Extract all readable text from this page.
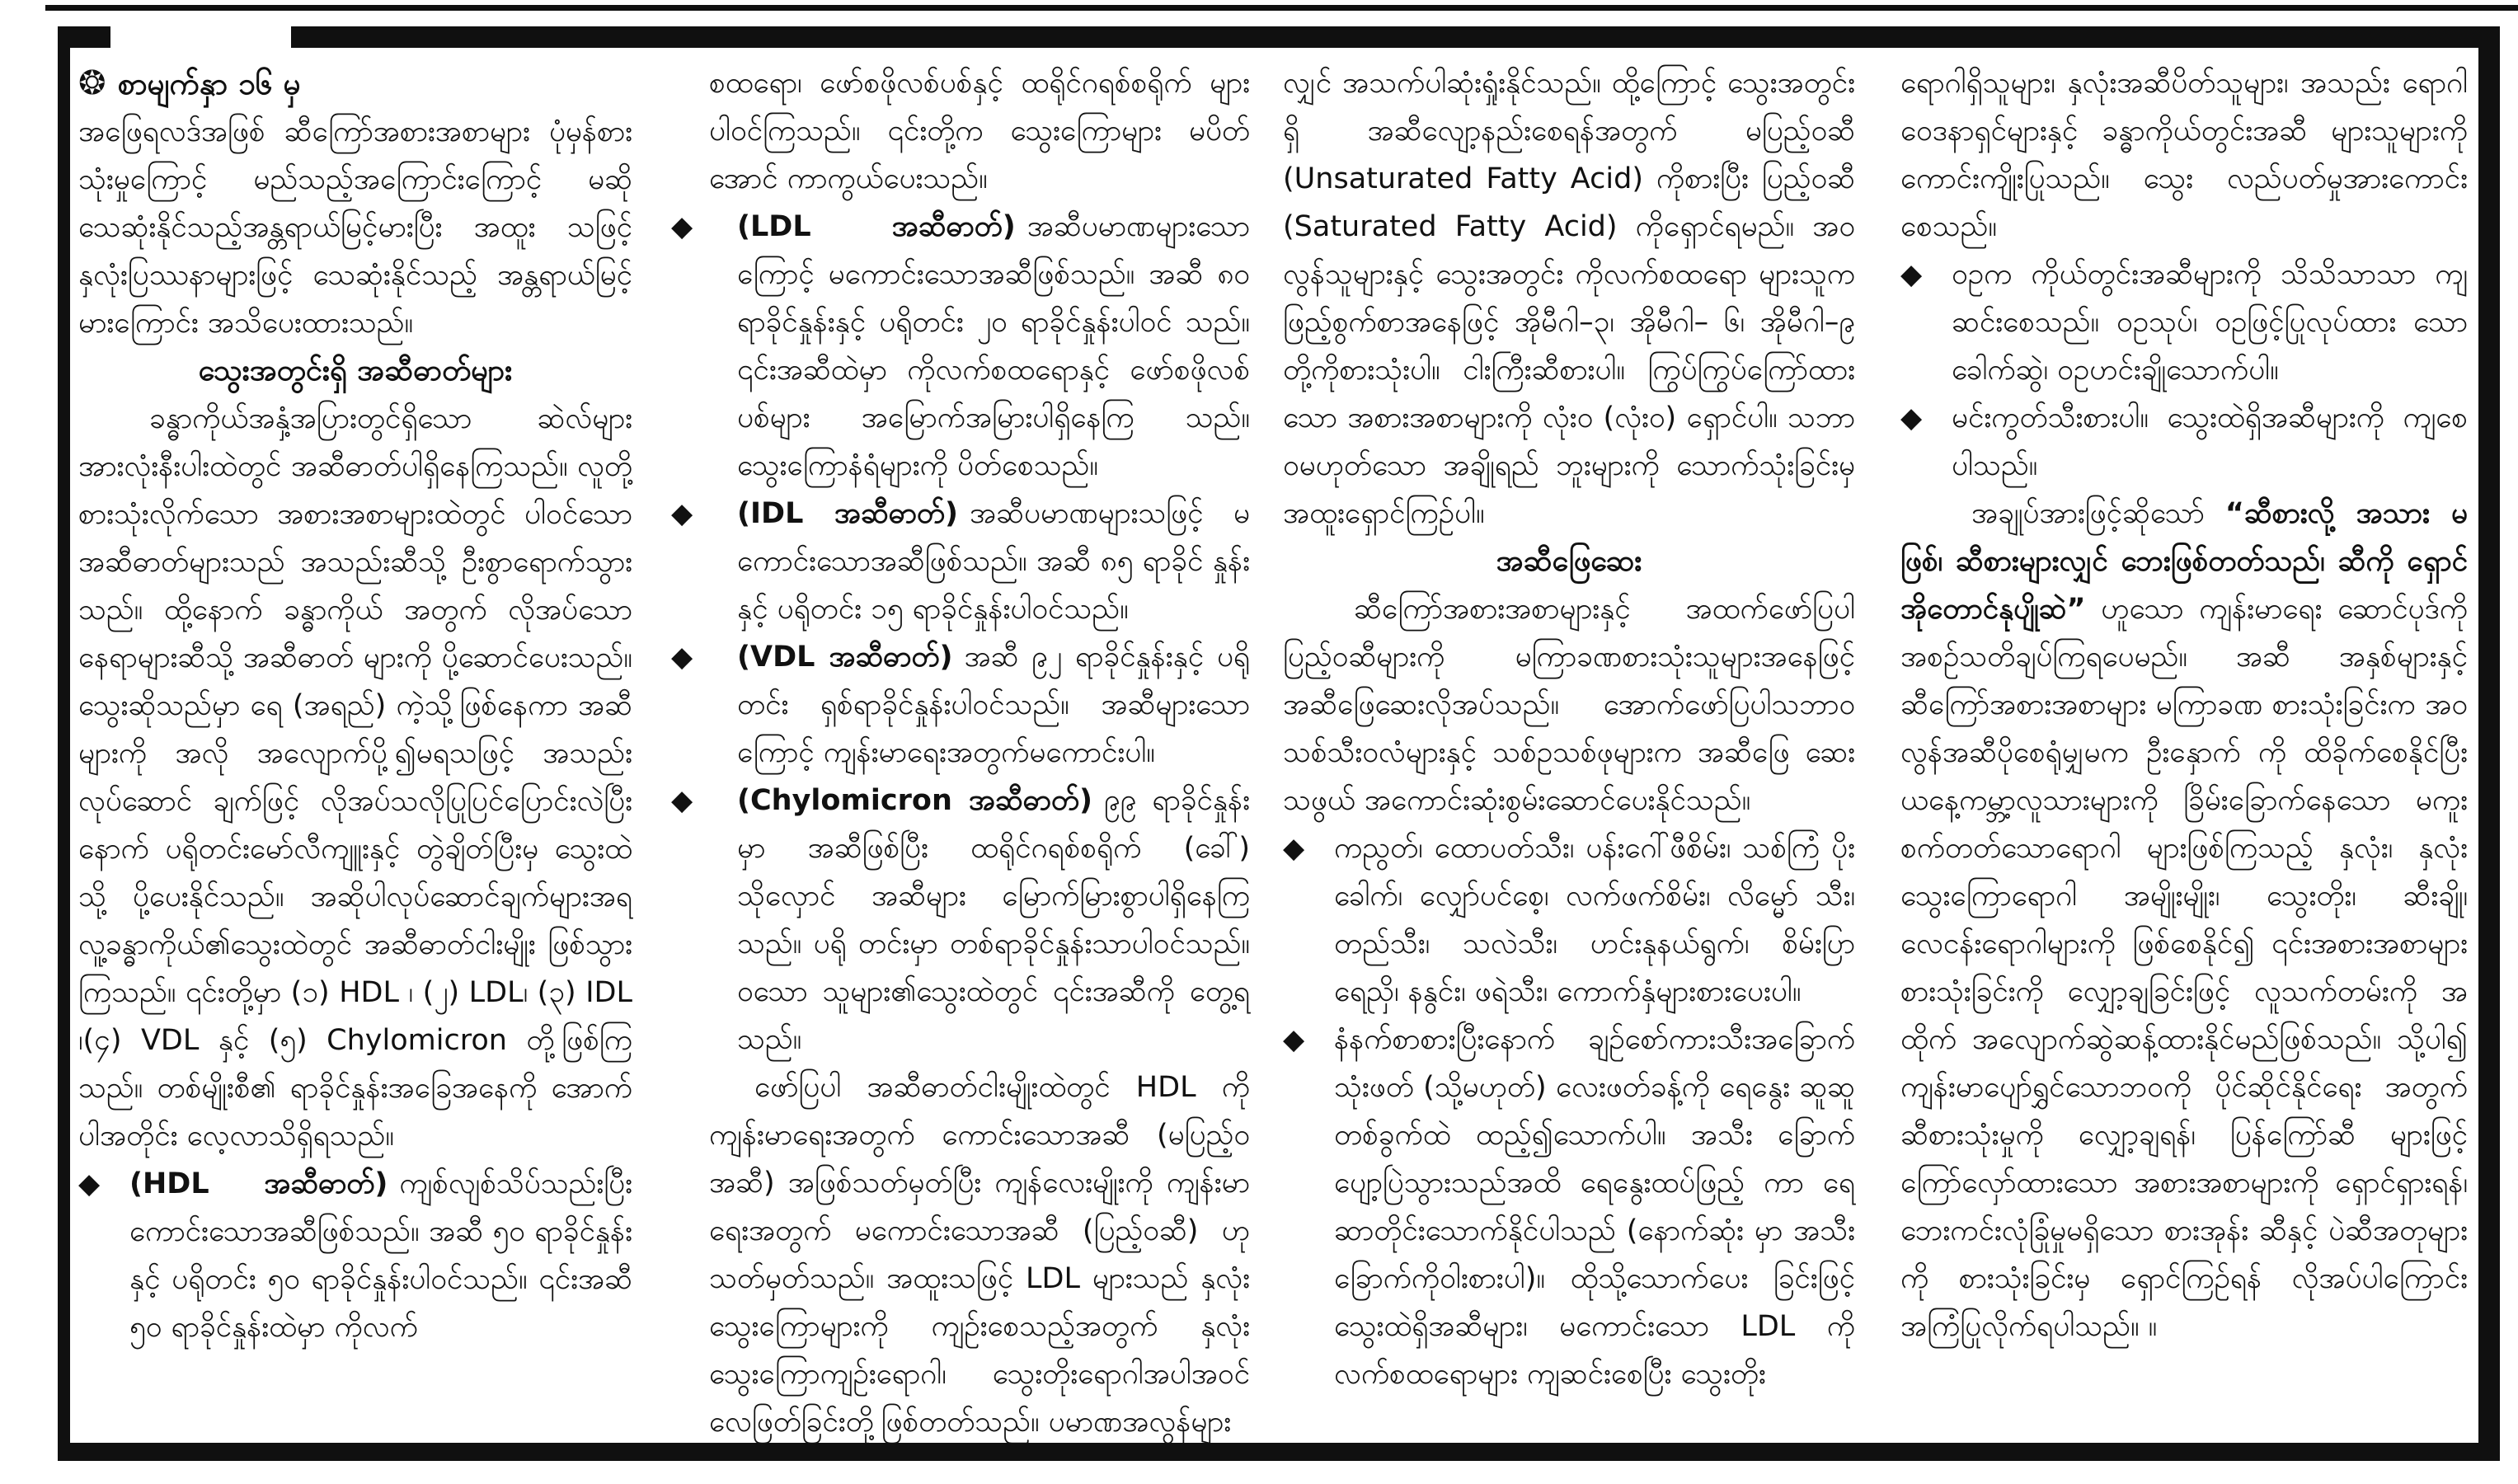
❂ စာမျက်နှာ ၁၆ မှ

အဖြေရလဒ်အဖြစ် ဆီကြော်အစားအစာများ ပုံမှန်စားသုံးမှုကြောင့် မည်သည့်အကြောင်းကြောင့် မဆို သေဆုံးနိုင်သည့်အန္တရာယ်မြင့်မားပြီး အထူး သဖြင့် နှလုံးပြဿနာများဖြင့် သေဆုံးနိုင်သည့် အန္တရာယ်မြင့်မားကြောင်း အသိပေးထားသည်။

သွေးအတွင်းရှိ အဆီဓာတ်များ

ခန္ဓာကိုယ်အနှံ့အပြားတွင်ရှိသော ဆဲလ်များ အားလုံးနီးပါးထဲတွင် အဆီဓာတ်ပါရှိနေကြသည်။ လူတို့စားသုံးလိုက်သော အစားအစာများထဲတွင် ပါဝင်သောအဆီဓာတ်များသည် အသည်းဆီသို့ ဦးစွာရောက်သွားသည်။ ထို့နောက် ခန္ဓာကိုယ် အတွက် လိုအပ်သောနေရာများဆီသို့ အဆီဓာတ် များကို ပို့ဆောင်ပေးသည်။ သွေးဆိုသည်မှာ ရေ (အရည်) ကဲ့သို့ဖြစ်နေကာ အဆီများကို အလို အလျောက်ပို့၍မရသဖြင့် အသည်းလုပ်ဆောင် ချက်ဖြင့် လိုအပ်သလိုပြုပြင်ပြောင်းလဲပြီးနောက် ပရိုတင်းမော်လီကျူးနှင့် တွဲချိတ်ပြီးမှ သွေးထဲသို့ ပို့ပေးနိုင်သည်။ အဆိုပါလုပ်ဆောင်ချက်များအရ လူ့ခန္ဓာကိုယ်၏သွေးထဲတွင် အဆီဓာတ်ငါးမျိုး ဖြစ်သွားကြသည်။ ၎င်းတို့မှာ (၁) HDL ၊ (၂) LDL၊ (၃) IDL ၊(၄) VDL နှင့် (၅) Chylomicron တို့ဖြစ်ကြ သည်။ တစ်မျိုးစီ၏ ရာခိုင်နှုန်းအခြေအနေကို အောက်ပါအတိုင်း လေ့လာသိရှိရသည်။

◆ (HDL အဆီဓာတ်) ကျစ်လျစ်သိပ်သည်းပြီး ကောင်းသောအဆီဖြစ်သည်။ အဆီ ၅၀ ရာခိုင်နှုန်းနှင့် ပရိုတင်း ၅၀ ရာခိုင်နှုန်းပါဝင်သည်။ ၎င်းအဆီ ၅၀ ရာခိုင်နှုန်းထဲမှာ ကိုလက်

စထရော၊ ဖော်စဖိုလစ်ပစ်နှင့် ထရိုင်ဂရစ်စရိုက် များပါဝင်ကြသည်။ ၎င်းတို့က သွေးကြောများ မပိတ်အောင် ကာကွယ်ပေးသည်။

◆ (LDL အဆီဓာတ်) အဆီပမာဏများသော ကြောင့် မကောင်းသောအဆီဖြစ်သည်။ အဆီ ၈၀ ရာခိုင်နှုန်းနှင့် ပရိုတင်း ၂၀ ရာခိုင်နှုန်းပါဝင် သည်။ ၎င်းအဆီထဲမှာ ကိုလက်စထရောနှင့် ဖော်စဖိုလစ်ပစ်များ အမြောက်အမြားပါရှိနေကြ သည်။ သွေးကြောနံရံများကို ပိတ်စေသည်။

◆ (IDL အဆီဓာတ်) အဆီပမာဏများသဖြင့် မကောင်းသောအဆီဖြစ်သည်။ အဆီ ၈၅ ရာခိုင် နှုန်းနှင့် ပရိုတင်း ၁၅ ရာခိုင်နှုန်းပါဝင်သည်။

◆ (VDL အဆီဓာတ်) အဆီ ၉၂ ရာခိုင်နှုန်းနှင့် ပရို တင်း ရှစ်ရာခိုင်နှုန်းပါဝင်သည်။ အဆီများသော ကြောင့် ကျန်းမာရေးအတွက်မကောင်းပါ။

◆ (Chylomicron အဆီဓာတ်) ၉၉ ရာခိုင်နှုန်းမှာ အဆီဖြစ်ပြီး ထရိုင်ဂရစ်စရိုက် (ခေါ်) သိုလှောင် အဆီများ မြောက်မြားစွာပါရှိနေကြသည်။ ပရို တင်းမှာ တစ်ရာခိုင်နှုန်းသာပါဝင်သည်။ ဝသော သူများ၏သွေးထဲတွင် ၎င်းအဆီကို တွေ့ရသည်။

ဖော်ပြပါ အဆီဓာတ်ငါးမျိုးထဲတွင် HDL ကို ကျန်းမာရေးအတွက် ကောင်းသောအဆီ (မပြည့်ဝ အဆီ) အဖြစ်သတ်မှတ်ပြီး ကျန်လေးမျိုးကို ကျန်းမာ ရေးအတွက် မကောင်းသောအဆီ (ပြည့်ဝဆီ) ဟု သတ်မှတ်သည်။ အထူးသဖြင့် LDL များသည် နှလုံး သွေးကြောများကို ကျဉ်းစေသည့်အတွက် နှလုံး သွေးကြောကျဉ်းရောဂါ၊ သွေးတိုးရောဂါအပါအဝင် လေဖြတ်ခြင်းတို့ဖြစ်တတ်သည်။ ပမာဏအလွန်များ

လျှင် အသက်ပါဆုံးရှုံးနိုင်သည်။ ထို့ကြောင့် သွေးအတွင်းရှိ အဆီလျော့နည်းစေရန်အတွက် မပြည့်ဝဆီ (Unsaturated Fatty Acid) ကိုစားပြီး ပြည့်ဝဆီ (Saturated Fatty Acid) ကိုရှောင်ရမည်။ အဝလွန်သူများနှင့် သွေးအတွင်း ကိုလက်စထရော များသူက ဖြည့်စွက်စာအနေဖြင့် အိုမီဂါ–၃၊ အိုမီဂါ– ၆၊ အိုမီဂါ–၉ တို့ကိုစားသုံးပါ။ ငါးကြီးဆီစားပါ။ ကြွပ်ကြွပ်ကြော်ထားသော အစားအစာများကို လုံးဝ (လုံးဝ) ရှောင်ပါ။ သဘာဝမဟုတ်သော အချိုရည် ဘူးများကို သောက်သုံးခြင်းမှ အထူးရှောင်ကြဉ်ပါ။

အဆီဖြေဆေး

ဆီကြော်အစားအစာများနှင့် အထက်ဖော်ပြပါ ပြည့်ဝဆီများကို မကြာခဏစားသုံးသူများအနေဖြင့် အဆီဖြေဆေးလိုအပ်သည်။ အောက်ဖော်ပြပါသဘာဝ သစ်သီးဝလံများနှင့် သစ်ဥသစ်ဖုများက အဆီဖြေ ဆေးသဖွယ် အကောင်းဆုံးစွမ်းဆောင်ပေးနိုင်သည်။

◆ ကညွတ်၊ ထောပတ်သီး၊ ပန်းဂေါ်ဖီစိမ်း၊ သစ်ကြံ ပိုးခေါက်၊ လျှော်ပင်စေ့၊ လက်ဖက်စိမ်း၊ လိမ္မော် သီး၊ တည်သီး၊ သလဲသီး၊ ဟင်းနုနယ်ရွက်၊ စိမ်းပြာ ရေညှိ၊ နနွင်း၊ ဖရဲသီး၊ ကောက်နှံများစားပေးပါ။

◆ နံနက်စာစားပြီးနောက် ချဉ်စော်ကားသီးအခြောက် သုံးဖတ် (သို့မဟုတ်) လေးဖတ်ခန့်ကို ရေနွေး ဆူဆူတစ်ခွက်ထဲ ထည့်၍သောက်ပါ။ အသီး ခြောက် ပျော့ပြဲသွားသည်အထိ ရေနွေးထပ်ဖြည့် ကာ ရေဆာတိုင်းသောက်နိုင်ပါသည် (နောက်ဆုံး မှာ အသီးခြောက်ကိုဝါးစားပါ)။ ထိုသို့သောက်ပေး ခြင်းဖြင့် သွေးထဲရှိအဆီများ၊ မကောင်းသော LDL ကိုလက်စထရောများ ကျဆင်းစေပြီး သွေးတိုး

ရောဂါရှိသူများ၊ နှလုံးအဆီပိတ်သူများ၊ အသည်း ရောဂါဝေဒနာရှင်များနှင့် ခန္ဓာကိုယ်တွင်းအဆီ များသူများကို ကောင်းကျိုးပြုသည်။ သွေး လည်ပတ်မှုအားကောင်းစေသည်။

◆ ဝဥက ကိုယ်တွင်းအဆီများကို သိသိသာသာ ကျဆင်းစေသည်။ ဝဥသုပ်၊ ဝဥဖြင့်ပြုလုပ်ထား သောခေါက်ဆွဲ၊ ဝဥဟင်းချိုသောက်ပါ။

◆ မင်းကွတ်သီးစားပါ။ သွေးထဲရှိအဆီများကို ကျစေပါသည်။

အချုပ်အားဖြင့်ဆိုသော် “ဆီစားလို့ အသား မဖြစ်၊ ဆီစားများလျှင် ဘေးဖြစ်တတ်သည်၊ ဆီကို ရှောင် အိုတောင်နုပျိုဆဲ” ဟူသော ကျန်းမာရေး ဆောင်ပုဒ်ကို အစဉ်သတိချပ်ကြရပေမည်။ အဆီ အနှစ်များနှင့် ဆီကြော်အစားအစာများ မကြာခဏ စားသုံးခြင်းက အဝလွန်အဆီပိုစေရုံမျှမက ဦးနှောက် ကို ထိခိုက်စေနိုင်ပြီး ယနေ့ကမ္ဘာ့လူသားများကို ခြိမ်းခြောက်နေသော မကူးစက်တတ်သောရောဂါ များဖြစ်ကြသည့် နှလုံး၊ နှလုံးသွေးကြောရောဂါ အမျိုးမျိုး၊ သွေးတိုး၊ ဆီးချို၊ လေငန်းရောဂါများကို ဖြစ်စေနိုင်၍ ၎င်းအစားအစာများ စားသုံးခြင်းကို လျှော့ချခြင်းဖြင့် လူသက်တမ်းကို အထိုက် အလျောက်ဆွဲဆန့်ထားနိုင်မည်ဖြစ်သည်။ သို့ပါ၍ ကျန်းမာပျော်ရွှင်သောဘဝကို ပိုင်ဆိုင်နိုင်ရေး အတွက် ဆီစားသုံးမှုကို လျှော့ချရန်၊ ပြန်ကြော်ဆီ များဖြင့် ကြော်လှော်ထားသော အစားအစာများကို ရှောင်ရှားရန်၊ ဘေးကင်းလုံခြုံမှုမရှိသော စားအုန်း ဆီနှင့် ပဲဆီအတုများကို စားသုံးခြင်းမှ ရှောင်ကြဉ်ရန် လိုအပ်ပါကြောင်း အကြံပြုလိုက်ရပါသည်။ ။
